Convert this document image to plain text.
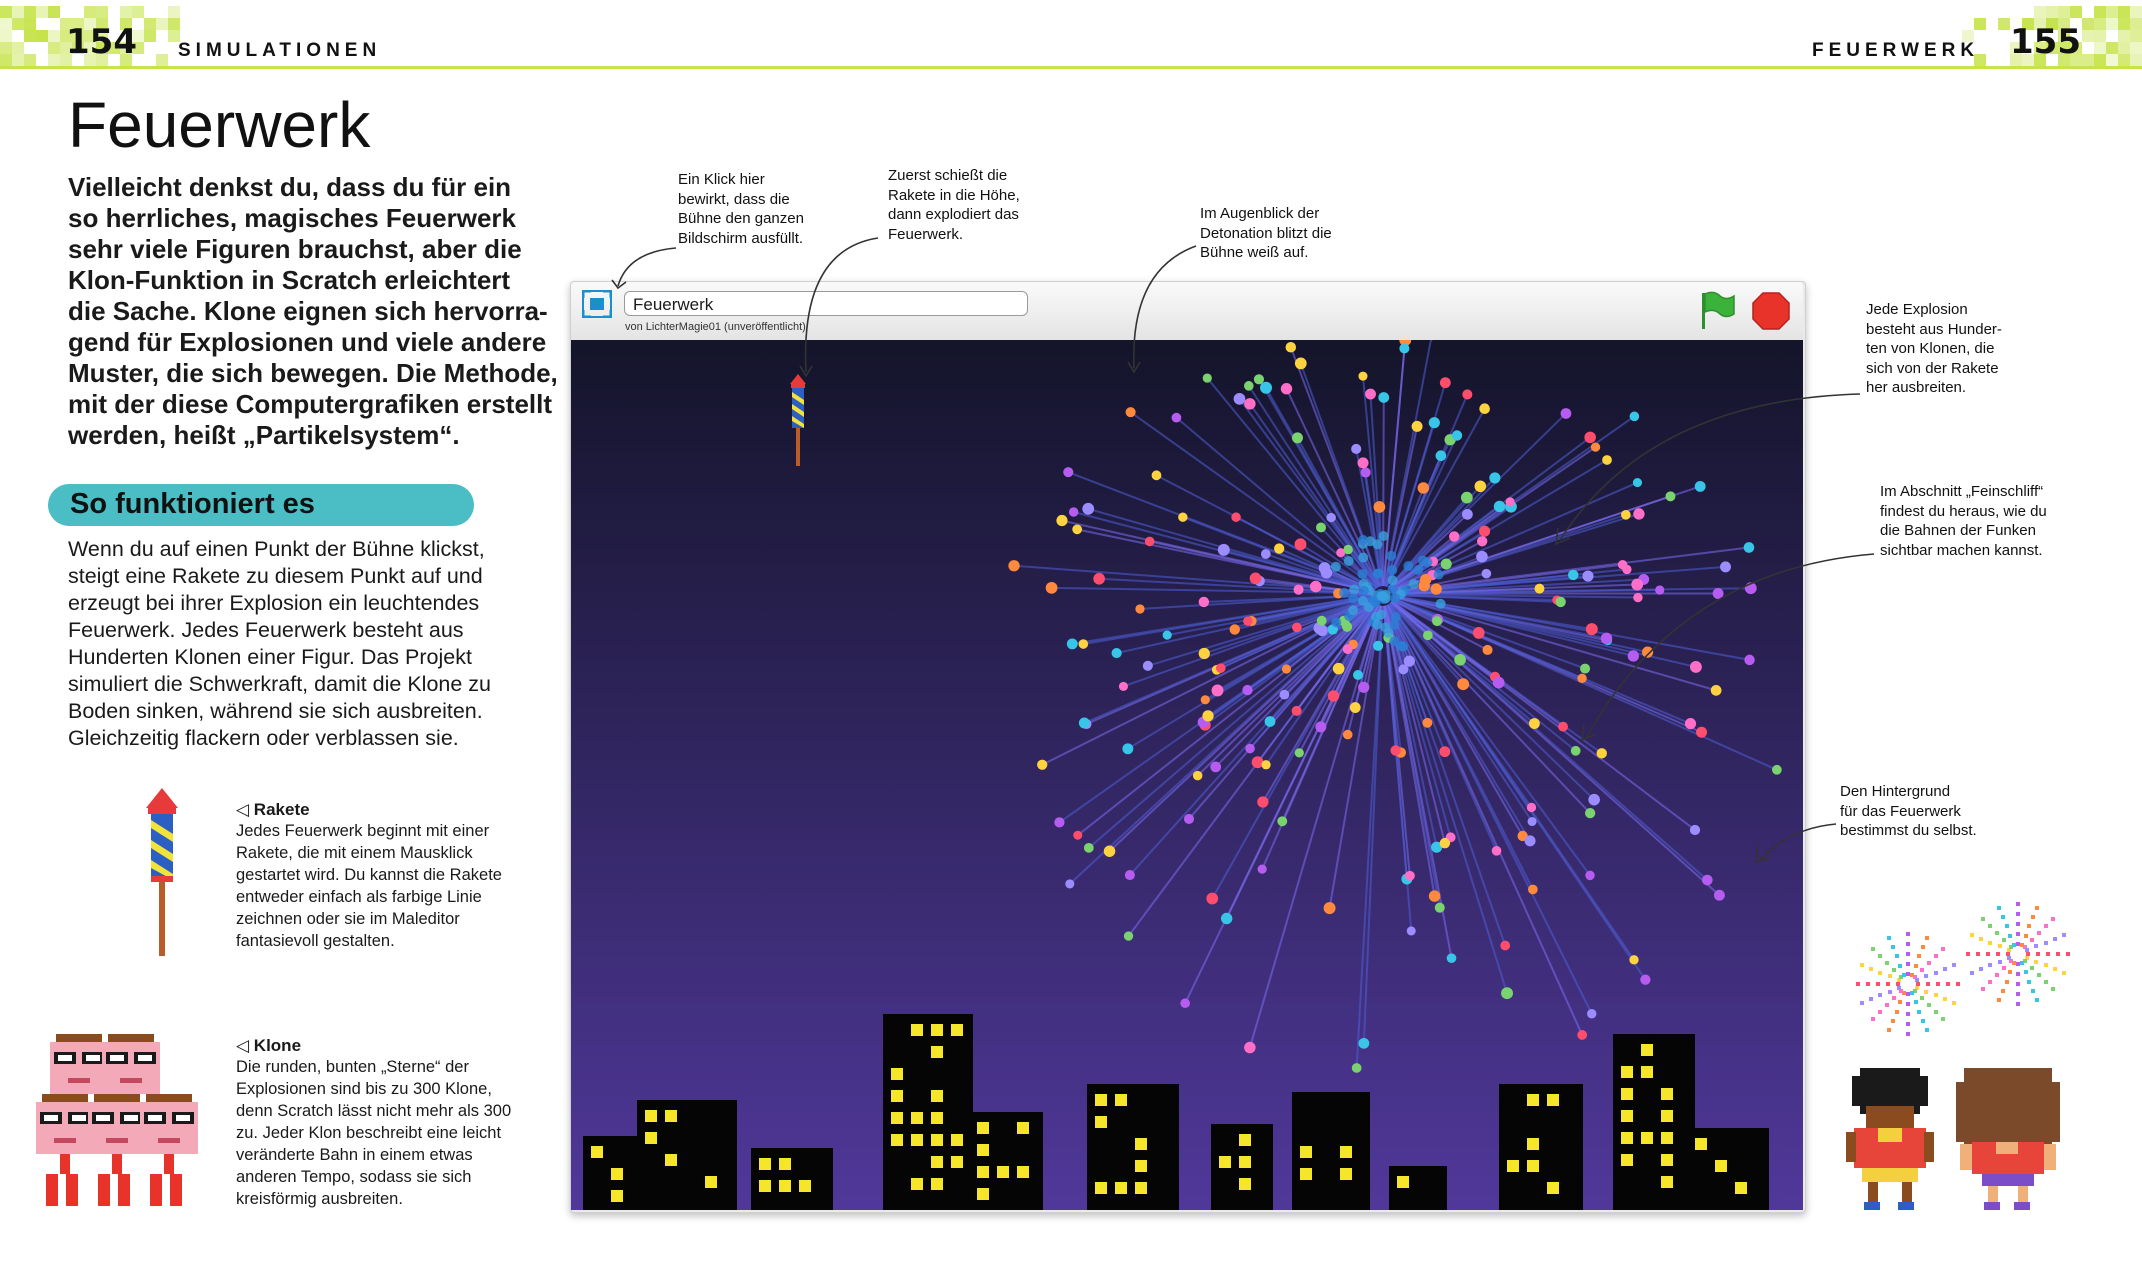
154 SIMULATIONEN	FEUERWERK 155
Feuerwerk
Vielleicht denkst du, dass du für ein
so herrliches, magisches Feuerwerk
sehr viele Figuren brauchst, aber die
Klon-Funktion in Scratch erleichtert
die Sache. Klone eignen sich hervorra-
gend für Explosionen und viele andere
Muster, die sich bewegen. Die Methode,
mit der diese Computergrafiken erstellt
werden, heißt „Partikelsystem“.
So funktioniert es
Wenn du auf einen Punkt der Bühne klickst,
steigt eine Rakete zu diesem Punkt auf und
erzeugt bei ihrer Explosion ein leuchtendes
Feuerwerk. Jedes Feuerwerk besteht aus
Hunderten Klonen einer Figur. Das Projekt
simuliert die Schwerkraft, damit die Klone zu
Boden sinken, während sie sich ausbreiten.
Gleichzeitig flackern oder verblassen sie.
◁ Rakete
Jedes Feuerwerk beginnt mit einer
Rakete, die mit einem Mausklick
gestartet wird. Du kannst die Rakete
entweder einfach als farbige Linie
zeichnen oder sie im Maleditor
fantasievoll gestalten.
◁ Klone
Die runden, bunten „Sterne“ der
Explosionen sind bis zu 300 Klone,
denn Scratch lässt nicht mehr als 300
zu. Jeder Klon beschreibt eine leicht
veränderte Bahn in einem etwas
anderen Tempo, sodass sie sich
kreisförmig ausbreiten.
Ein Klick hier
bewirkt, dass die
Bühne den ganzen
Bildschirm ausfüllt.
Zuerst schießt die
Rakete in die Höhe,
dann explodiert das
Feuerwerk.
Im Augenblick der
Detonation blitzt die
Bühne weiß auf.
Jede Explosion
besteht aus Hunder-
ten von Klonen, die
sich von der Rakete
her ausbreiten.
Im Abschnitt „Feinschliff“
findest du heraus, wie du
die Bahnen der Funken
sichtbar machen kannst.
Den Hintergrund
für das Feuerwerk
bestimmst du selbst.
Feuerwerk
von LichterMagie01 (unveröffentlicht)
